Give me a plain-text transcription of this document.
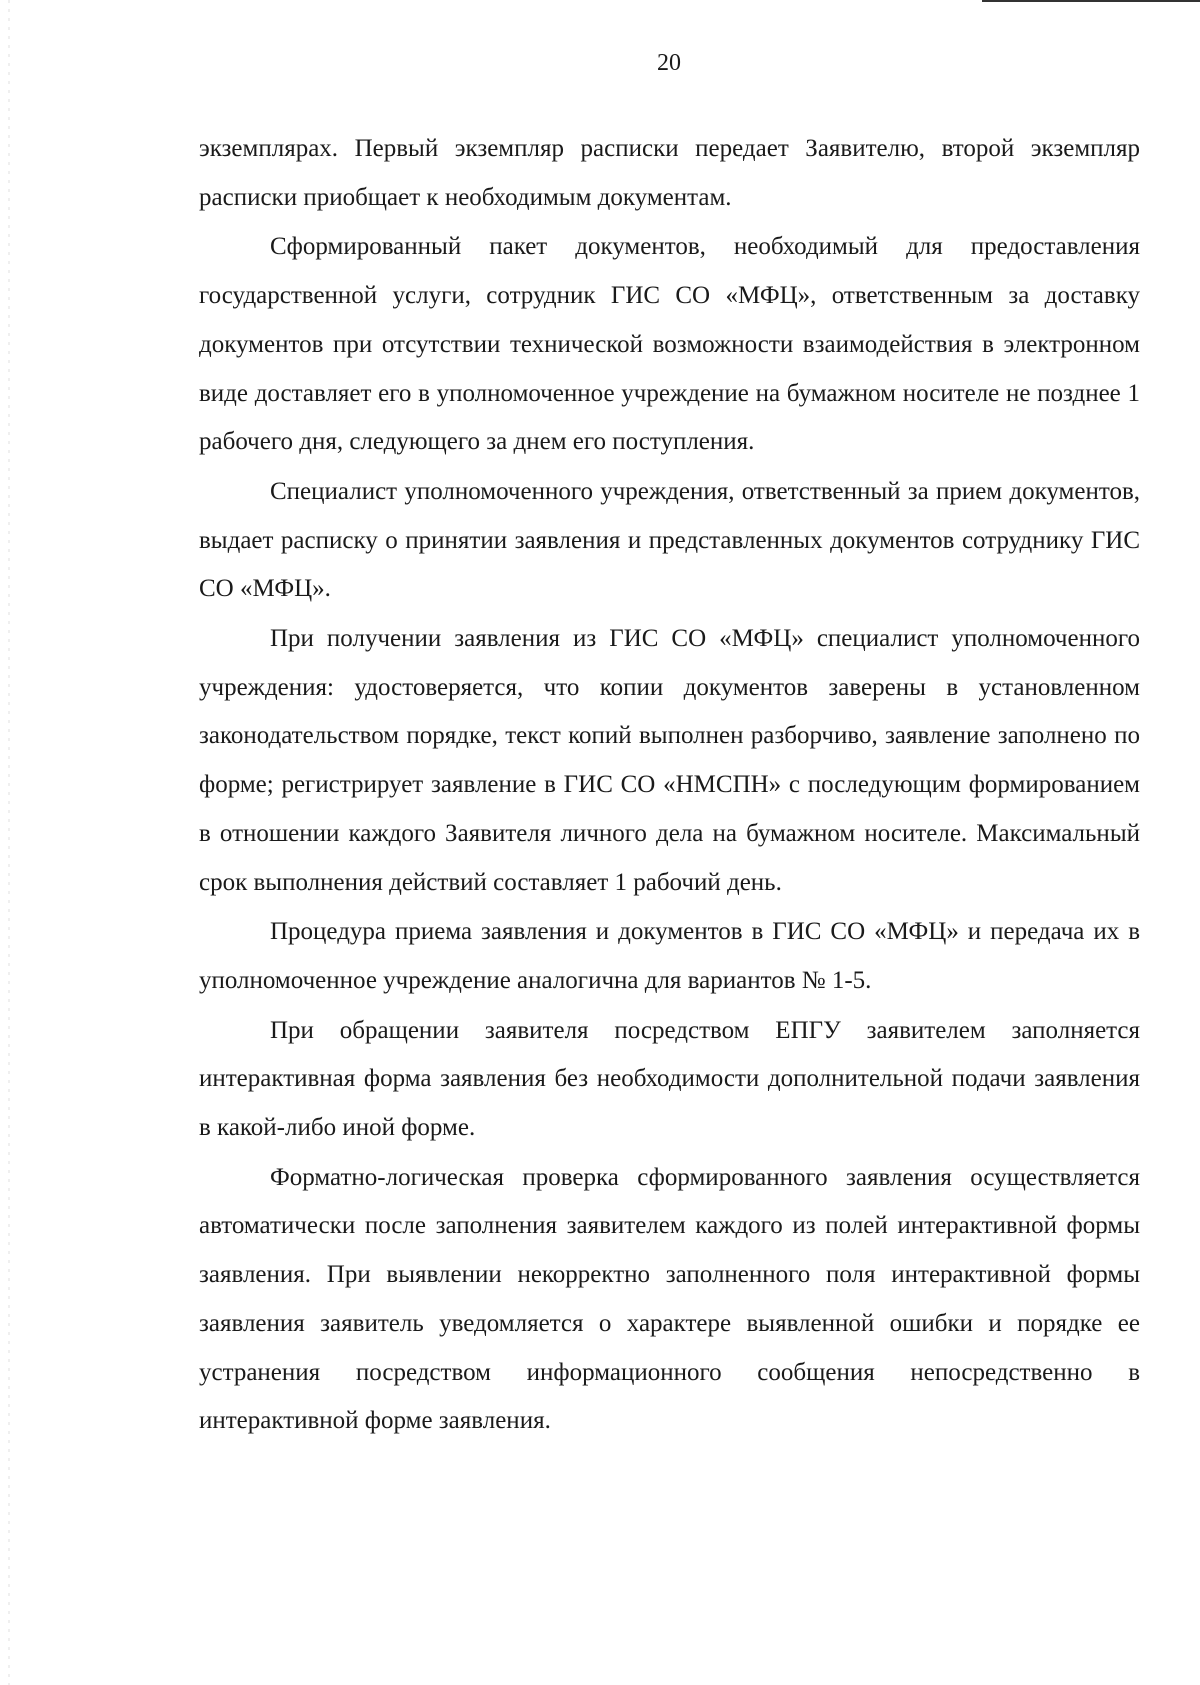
20

экземплярах. Первый экземпляр расписки передает Заявителю, второй экземпляр расписки приобщает к необходимым документам.

Сформированный пакет документов, необходимый для предоставления государственной услуги, сотрудник ГИС СО «МФЦ», ответственным за доставку документов при отсутствии технической возможности взаимодействия в электронном виде доставляет его в уполномоченное учреждение на бумажном носителе не позднее 1 рабочего дня, следующего за днем его поступления.

Специалист уполномоченного учреждения, ответственный за прием документов, выдает расписку о принятии заявления и представленных документов сотруднику ГИС СО «МФЦ».

При получении заявления из ГИС СО «МФЦ» специалист уполномоченного учреждения: удостоверяется, что копии документов заверены в установленном законодательством порядке, текст копий выполнен разборчиво, заявление заполнено по форме; регистрирует заявление в ГИС СО «НМСПН» с последующим формированием в отношении каждого Заявителя личного дела на бумажном носителе. Максимальный срок выполнения действий составляет 1 рабочий день.

Процедура приема заявления и документов в ГИС СО «МФЦ» и передача их в уполномоченное учреждение аналогична для вариантов № 1-5.

При обращении заявителя посредством ЕПГУ заявителем заполняется интерактивная форма заявления без необходимости дополнительной подачи заявления в какой-либо иной форме.

Форматно-логическая проверка сформированного заявления осуществляется автоматически после заполнения заявителем каждого из полей интерактивной формы заявления. При выявлении некорректно заполненного поля интерактивной формы заявления заявитель уведомляется о характере выявленной ошибки и порядке ее устранения посредством информационного сообщения непосредственно в интерактивной форме заявления.
